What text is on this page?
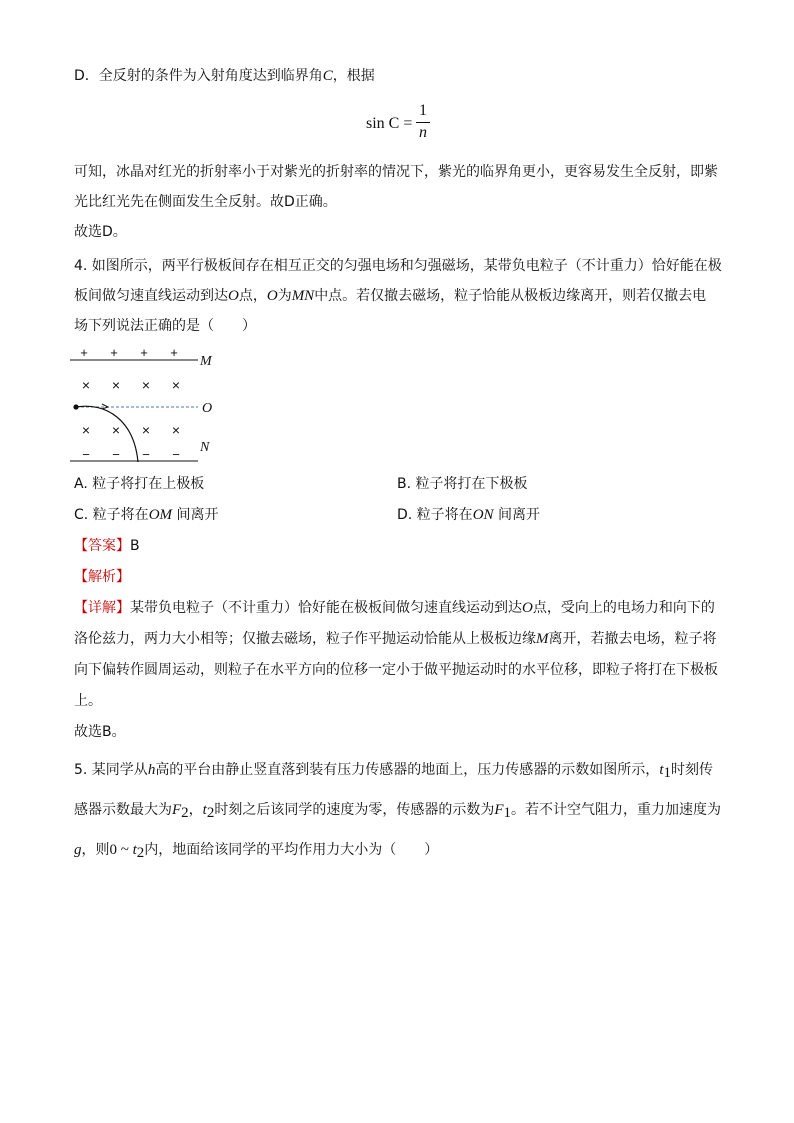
D．全反射的条件为入射角度达到临界角C，根据
sin C =
1
n
可知，冰晶对红光的折射率小于对紫光的折射率的情况下，紫光的临界角更小，更容易发生全反射，即紫
光比红光先在侧面发生全反射。故D正确。
故选D。
4. 如图所示，两平行极板间存在相互正交的匀强电场和匀强磁场，某带负电粒子（不计重力）恰好能在极
板间做匀速直线运动到达O点，O为MN中点。若仅撤去磁场，粒子恰能从极板边缘离开，则若仅撤去电
场下列说法正确的是（　　）
+ + + +
M
× × × ×
O
× × × ×
− − − − N
A. 粒子将打在上极板	B. 粒子将打在下极板
C. 粒子将在OM 间离开	D. 粒子将在ON 间离开
【答案】B
【解析】
【详解】某带负电粒子（不计重力）恰好能在极板间做匀速直线运动到达O点，受向上的电场力和向下的
洛伦兹力，两力大小相等；仅撤去磁场，粒子作平抛运动恰能从上极板边缘M离开，若撤去电场，粒子将
向下偏转作圆周运动，则粒子在水平方向的位移一定小于做平抛运动时的水平位移，即粒子将打在下极板
上。
故选B。
5. 某同学从h高的平台由静止竖直落到装有压力传感器的地面上，压力传感器的示数如图所示，$t_1$时刻传
感器示数最大为$F_2$，$t_2$时刻之后该同学的速度为零，传感器的示数为$F_1$。若不计空气阻力，重力加速度为
g，则0 ~ $t_2$内，地面给该同学的平均作用力大小为（　　）
